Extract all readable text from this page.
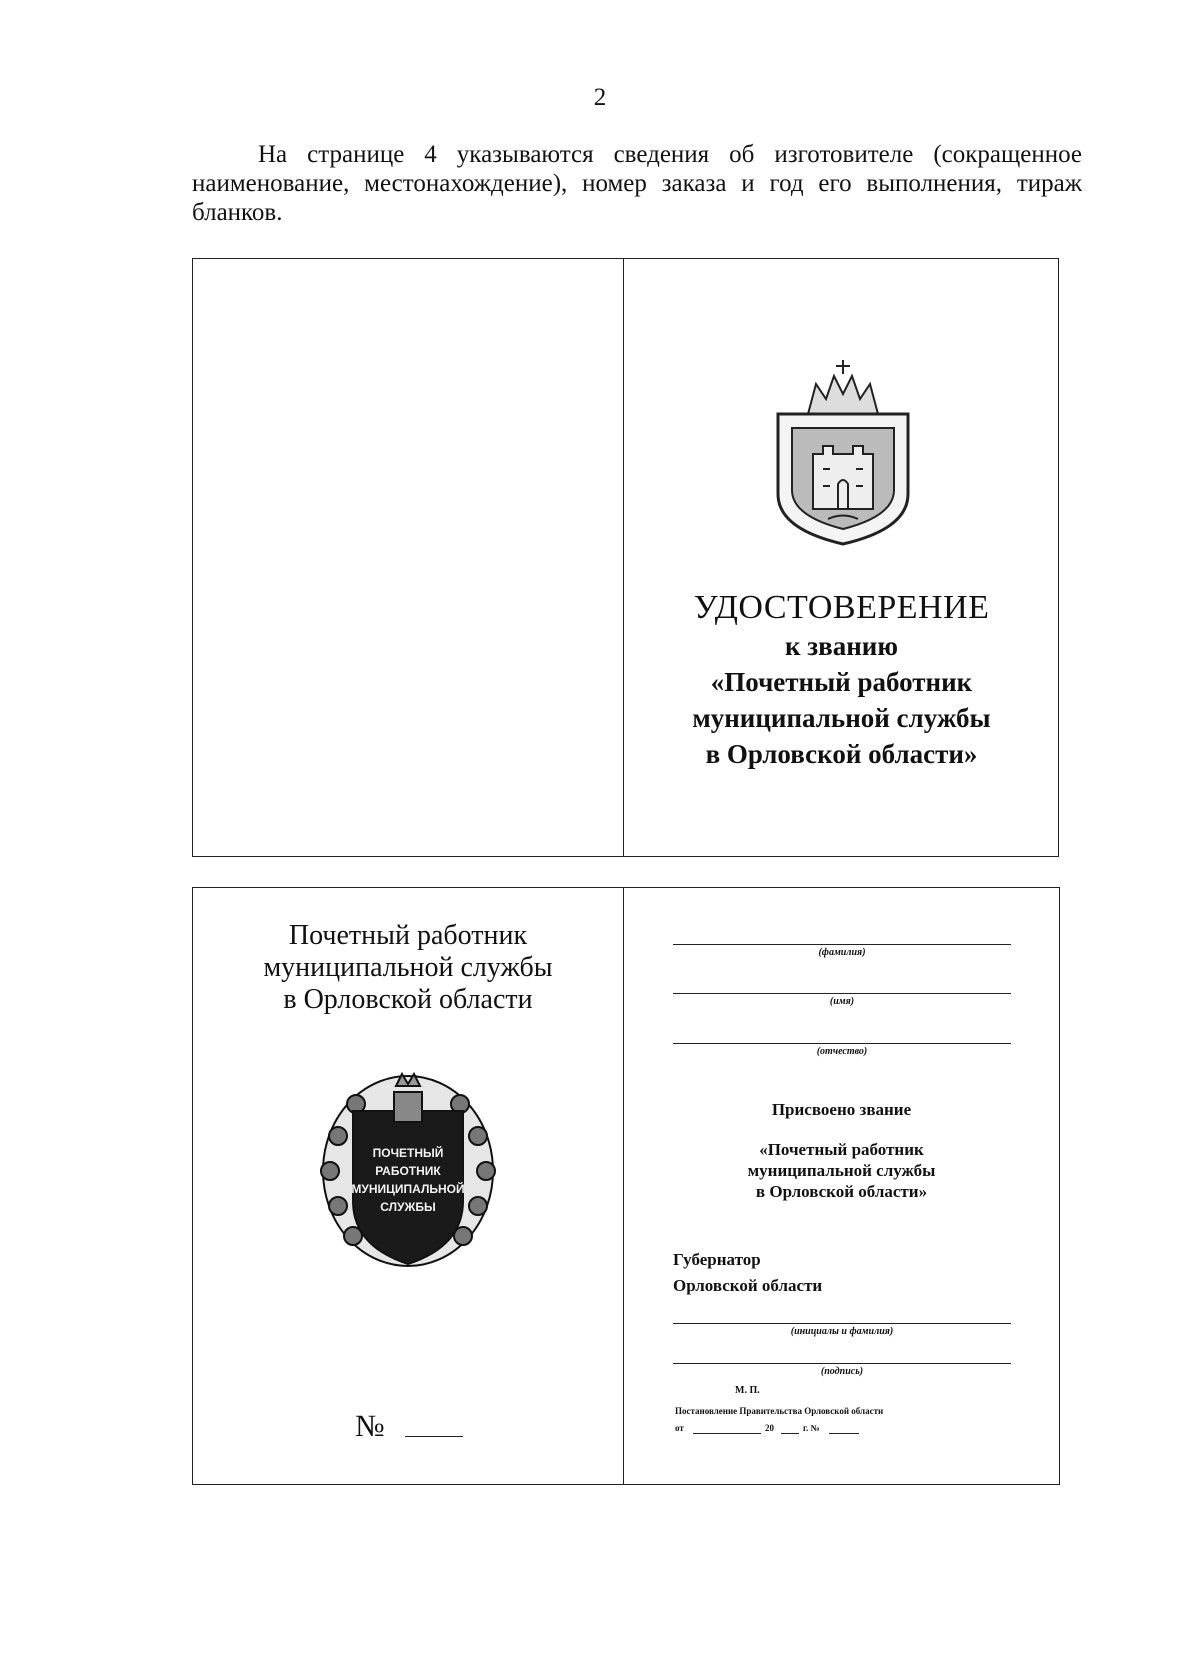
2
На странице 4 указываются сведения об изготовителе (сокращенное наименование, местонахождение), номер заказа и год его выполнения, тираж бланков.
УДОСТОВЕРЕНИЕ
к званию
«Почетный работник
муниципальной службы
в Орловской области»
Почетный работник
муниципальной службы
в Орловской области
ПОЧЕТНЫЙ
РАБОТНИК
МУНИЦИПАЛЬНОЙ
СЛУЖБЫ
№
(фамилия)
(имя)
(отчество)
Присвоено звание
«Почетный работник
муниципальной службы
в Орловской области»
Губернатор
Орловской области
(инициалы и фамилия)
(подпись)
М. П.
Постановление Правительства Орловской области
от	20	г. №
